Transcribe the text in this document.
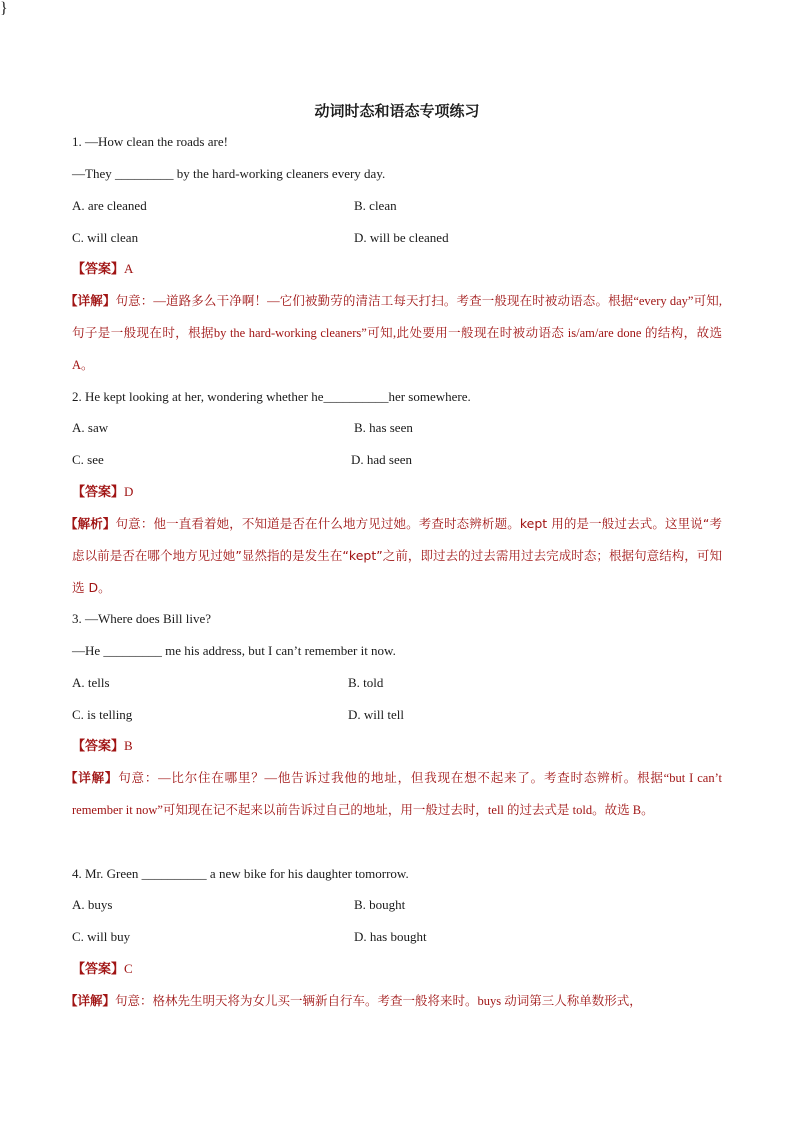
动词时态和语态专项练习
1. —How clean the roads are!
—They _________ by the hard-working cleaners every day.
A. are cleaned	B. clean
C. will clean	D. will be cleaned
【答案】A
【详解】句意：—道路多么干净啊！—它们被勤劳的清洁工每天打扫。考查一般现在时被动语态。根据“every day”可知,句子是一般现在时，根据by the hard-working cleaners”可知,此处要用一般现在时被动语态 is/am/are done 的结构，故选 A。
}
2. He kept looking at her, wondering whether he__________her somewhere.
A. saw	B. has seen
C. see	D. had seen
【答案】D
【解析】句意：他一直看着她，不知道是否在什么地方见过她。考查时态辨析题。kept 用的是一般过去式。这里说“考虑以前是否在哪个地方见过她”显然指的是发生在“kept”之前，即过去的过去需用过去完成时态；根据句意结构，可知选 D。
3. —Where does Bill live?
—He _________ me his address, but I can’t remember it now.
A. tells	B. told
C. is telling	D. will tell
【答案】B
【详解】句意：—比尔住在哪里？—他告诉过我他的地址，但我现在想不起来了。考查时态辨析。根据“but I can’t remember it now”可知现在记不起来以前告诉过自己的地址，用一般过去时，tell 的过去式是 told。故选 B。
4. Mr. Green __________ a new bike for his daughter tomorrow.
A. buys	B. bought
C. will buy	D. has bought
【答案】C
【详解】句意：格林先生明天将为女儿买一辆新自行车。考查一般将来时。buys 动词第三人称单数形式，
